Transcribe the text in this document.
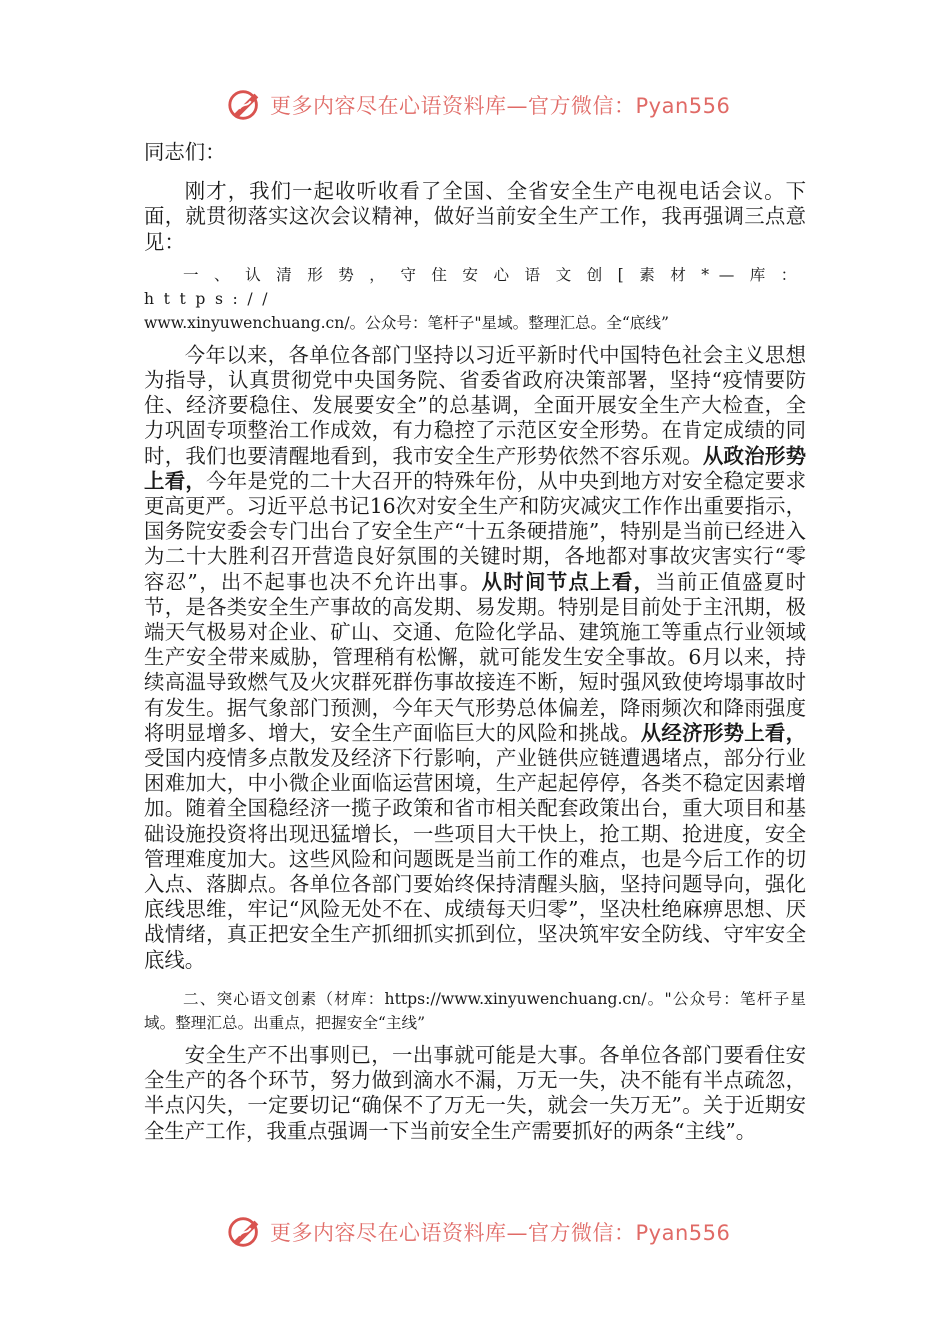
更多内容尽在心语资料库—官方微信：Pyan556

同志们：

刚才，我们一起收听收看了全国、全省安全生产电视电话会议。下面，就贯彻落实这次会议精神，做好当前安全生产工作，我再强调三点意见：

一、认清形势，守住安心语文创[素材*—库：https://
www.xinyuwenchuang.cn/。公众号：笔杆子"星域。整理汇总。全“底线”

今年以来，各单位各部门坚持以习近平新时代中国特色社会主义思想为指导，认真贯彻党中央国务院、省委省政府决策部署，坚持“疫情要防住、经济要稳住、发展要安全”的总基调，全面开展安全生产大检查，全力巩固专项整治工作成效，有力稳控了示范区安全形势。在肯定成绩的同时，我们也要清醒地看到，我市安全生产形势依然不容乐观。从政治形势上看，今年是党的二十大召开的特殊年份，从中央到地方对安全稳定要求更高更严。习近平总书记16次对安全生产和防灾减灾工作作出重要指示，国务院安委会专门出台了安全生产“十五条硬措施”，特别是当前已经进入为二十大胜利召开营造良好氛围的关键时期，各地都对事故灾害实行“零容忍”，出不起事也决不允许出事。从时间节点上看，当前正值盛夏时节，是各类安全生产事故的高发期、易发期。特别是目前处于主汛期，极端天气极易对企业、矿山、交通、危险化学品、建筑施工等重点行业领域生产安全带来威胁，管理稍有松懈，就可能发生安全事故。6月以来，持续高温导致燃气及火灾群死群伤事故接连不断，短时强风致使垮塌事故时有发生。据气象部门预测，今年天气形势总体偏差，降雨频次和降雨强度将明显增多、增大，安全生产面临巨大的风险和挑战。从经济形势上看，受国内疫情多点散发及经济下行影响，产业链供应链遭遇堵点，部分行业困难加大，中小微企业面临运营困境，生产起起停停，各类不稳定因素增加。随着全国稳经济一揽子政策和省市相关配套政策出台，重大项目和基础设施投资将出现迅猛增长，一些项目大干快上，抢工期、抢进度，安全管理难度加大。这些风险和问题既是当前工作的难点，也是今后工作的切入点、落脚点。各单位各部门要始终保持清醒头脑，坚持问题导向，强化底线思维，牢记“风险无处不在、成绩每天归零”，坚决杜绝麻痹思想、厌战情绪，真正把安全生产抓细抓实抓到位，坚决筑牢安全防线、守牢安全底线。

二、突心语文创素（材库：https://www.xinyuwenchuang.cn/。"公众号：笔杆子星域。整理汇总。出重点，把握安全“主线”

安全生产不出事则已，一出事就可能是大事。各单位各部门要看住安全生产的各个环节，努力做到滴水不漏，万无一失，决不能有半点疏忽，半点闪失，一定要切记“确保不了万无一失，就会一失万无”。关于近期安全生产工作，我重点强调一下当前安全生产需要抓好的两条“主线”。

更多内容尽在心语资料库—官方微信：Pyan556
